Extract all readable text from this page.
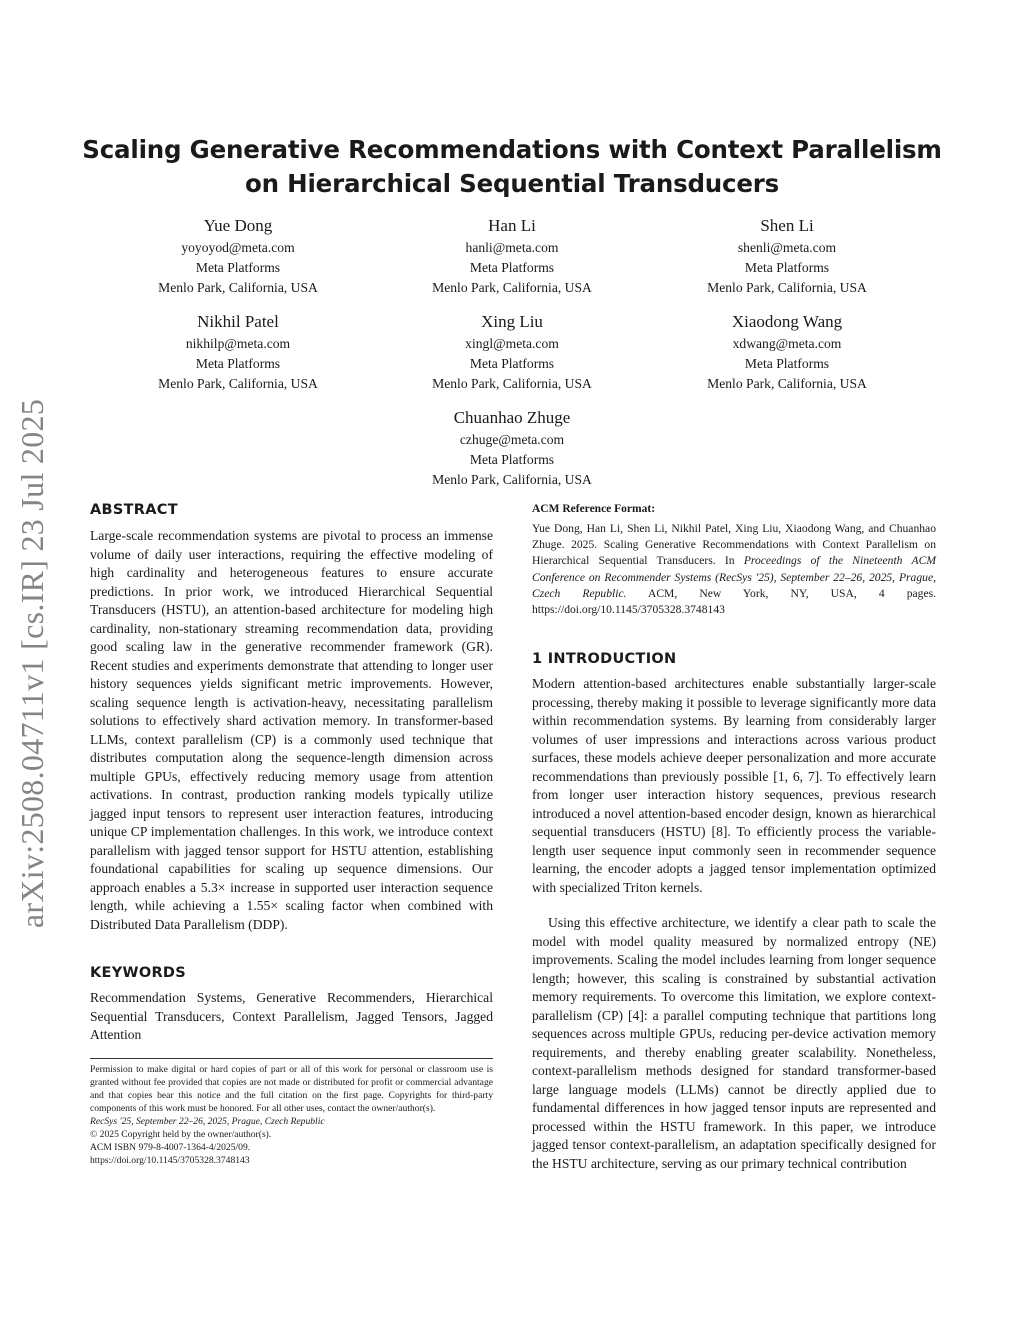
arXiv:2508.04711v1 [cs.IR] 23 Jul 2025
Scaling Generative Recommendations with Context Parallelism
on Hierarchical Sequential Transducers
Yue Dong
yoyoyod@meta.com
Meta Platforms
Menlo Park, California, USA
Han Li
hanli@meta.com
Meta Platforms
Menlo Park, California, USA
Shen Li
shenli@meta.com
Meta Platforms
Menlo Park, California, USA
Nikhil Patel
nikhilp@meta.com
Meta Platforms
Menlo Park, California, USA
Xing Liu
xingl@meta.com
Meta Platforms
Menlo Park, California, USA
Xiaodong Wang
xdwang@meta.com
Meta Platforms
Menlo Park, California, USA
Chuanhao Zhuge
czhuge@meta.com
Meta Platforms
Menlo Park, California, USA
ABSTRACT

Large-scale recommendation systems are pivotal to process an immense volume of daily user interactions, requiring the effective modeling of high cardinality and heterogeneous features to ensure accurate predictions. In prior work, we introduced Hierarchical Sequential Transducers (HSTU), an attention-based architecture for modeling high cardinality, non-stationary streaming recommendation data, providing good scaling law in the generative recommender framework (GR). Recent studies and experiments demonstrate that attending to longer user history sequences yields significant metric improvements. However, scaling sequence length is activation-heavy, necessitating parallelism solutions to effectively shard activation memory. In transformer-based LLMs, context parallelism (CP) is a commonly used technique that distributes computation along the sequence-length dimension across multiple GPUs, effectively reducing memory usage from attention activations. In contrast, production ranking models typically utilize jagged input tensors to represent user interaction features, introducing unique CP implementation challenges. In this work, we introduce context parallelism with jagged tensor support for HSTU attention, establishing foundational capabilities for scaling up sequence dimensions. Our approach enables a 5.3× increase in supported user interaction sequence length, while achieving a 1.55× scaling factor when combined with Distributed Data Parallelism (DDP).

KEYWORDS

Recommendation Systems, Generative Recommenders, Hierarchical Sequential Transducers, Context Parallelism, Jagged Tensors, Jagged Attention

Permission to make digital or hard copies of part or all of this work for personal or classroom use is granted without fee provided that copies are not made or distributed for profit or commercial advantage and that copies bear this notice and the full citation on the first page. Copyrights for third-party components of this work must be honored. For all other uses, contact the owner/author(s).

RecSys '25, September 22–26, 2025, Prague, Czech Republic
© 2025 Copyright held by the owner/author(s).
ACM ISBN 979-8-4007-1364-4/2025/09.
https://doi.org/10.1145/3705328.3748143
ACM Reference Format:

Yue Dong, Han Li, Shen Li, Nikhil Patel, Xing Liu, Xiaodong Wang, and Chuanhao Zhuge. 2025. Scaling Generative Recommendations with Context Parallelism on Hierarchical Sequential Transducers. In Proceedings of the Nineteenth ACM Conference on Recommender Systems (RecSys '25), September 22–26, 2025, Prague, Czech Republic. ACM, New York, NY, USA, 4 pages. https://doi.org/10.1145/3705328.3748143

1 INTRODUCTION

Modern attention-based architectures enable substantially larger-scale processing, thereby making it possible to leverage significantly more data within recommendation systems. By learning from considerably larger volumes of user impressions and interactions across various product surfaces, these models achieve deeper personalization and more accurate recommendations than previously possible [1, 6, 7]. To effectively learn from longer user interaction history sequences, previous research introduced a novel attention-based encoder design, known as hierarchical sequential transducers (HSTU) [8]. To efficiently process the variable-length user sequence input commonly seen in recommender sequence learning, the encoder adopts a jagged tensor implementation optimized with specialized Triton kernels.

Using this effective architecture, we identify a clear path to scale the model with model quality measured by normalized entropy (NE) improvements. Scaling the model includes learning from longer sequence length; however, this scaling is constrained by substantial activation memory requirements. To overcome this limitation, we explore context-parallelism (CP) [4]: a parallel computing technique that partitions long sequences across multiple GPUs, reducing per-device activation memory requirements, and thereby enabling greater scalability. Nonetheless, context-parallelism methods designed for standard transformer-based large language models (LLMs) cannot be directly applied due to fundamental differences in how jagged tensor inputs are represented and processed within the HSTU framework. In this paper, we introduce jagged tensor context-parallelism, an adaptation specifically designed for the HSTU architecture, serving as our primary technical contribution
